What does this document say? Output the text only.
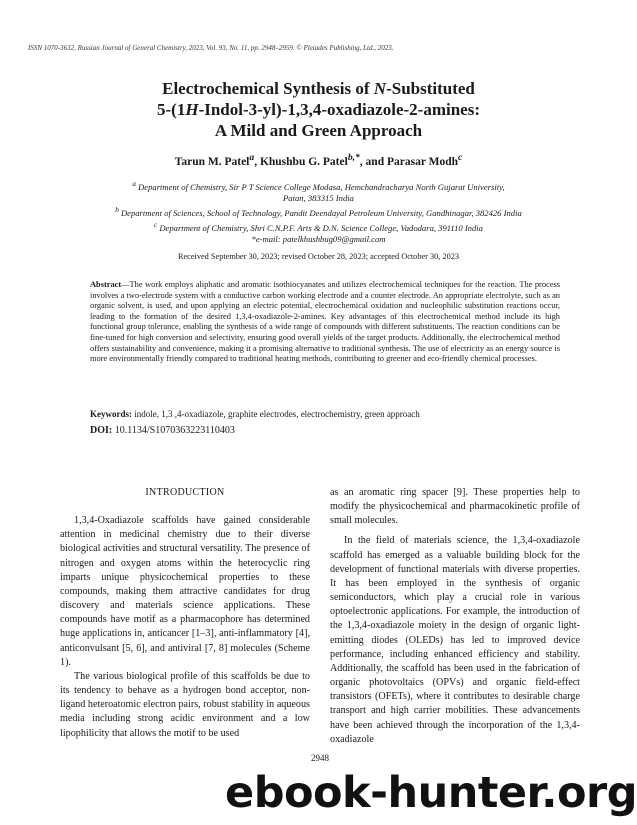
ISSN 1070-3632, Russian Journal of General Chemistry, 2023, Vol. 93, No. 11, pp. 2948–2959. © Pleiades Publishing, Ltd., 2023.
Electrochemical Synthesis of N-Substituted
5-(1H-Indol-3-yl)-1,3,4-oxadiazole-2-amines:
A Mild and Green Approach
Tarun M. Patel$^a$, Khushbu G. Patel$^{b,*}$, and Parasar Modh$^c$
$^a$ Department of Chemistry, Sir P T Science College Modasa, Hemchandracharya North Gujarat University,
Patan, 383315 India
$^b$ Department of Sciences, School of Technology, Pandit Deendayal Petroleum University, Gandhinagar, 382426 India
$^c$ Department of Chemistry, Shri C.N.P.F. Arts & D.N. Science College, Vadodara, 391110 India
*e-mail: patelkhushbug09@gmail.com
Received September 30, 2023; revised October 28, 2023; accepted October 30, 2023
Abstract—The work employs aliphatic and aromatic isothiocyanates and utilizes electrochemical techniques for the reaction. The process involves a two-electrode system with a conductive carbon working electrode and a counter electrode. An appropriate electrolyte, such as an organic solvent, is used, and upon applying an electric potential, electrochemical oxidation and nucleophilic substitution reactions occur, leading to the formation of the desired 1,3,4-oxadiazole-2-amines. Key advantages of this electrochemical method include its high functional group tolerance, enabling the synthesis of a wide range of compounds with different substituents. The reaction conditions can be fine-tuned for high conversion and selectivity, ensuring good overall yields of the target products. Additionally, the electrochemical method offers sustainability and convenience, making it a promising alternative to traditional synthesis. The use of electricity as an energy source is more environmentally friendly compared to traditional heating methods, contributing to greener and eco-friendly chemical processes.
Keywords: indole, 1,3 ,4-oxadiazole, graphite electrodes, electrochemistry, green approach
DOI: 10.1134/S1070363223110403
INTRODUCTION

1,3,4-Oxadiazole scaffolds have gained considerable attention in medicinal chemistry due to their diverse biological activities and structural versatility. The presence of nitrogen and oxygen atoms within the heterocyclic ring imparts unique physicochemical properties to these compounds, making them attractive candidates for drug discovery and materials science applications. These compounds have motif as a pharmacophore has determined huge applications in, anticancer [1–3], anti-inflammatory [4], anticonvulsant [5, 6], and antiviral [7, 8] molecules (Scheme 1).

The various biological profile of this scaffolds be due to its tendency to behave as a hydrogen bond acceptor, non-ligand heteroatomic electron pairs, robust stability in aqueous media including strong acidic environment and a low lipophilicity that allows the motif to be used

as an aromatic ring spacer [9]. These properties help to modify the physicochemical and pharmacokinetic profile of small molecules.

In the field of materials science, the 1,3,4-oxadiazole scaffold has emerged as a valuable building block for the development of functional materials with diverse properties. It has been employed in the synthesis of organic semiconductors, which play a crucial role in various optoelectronic applications. For example, the introduction of the 1,3,4-oxadiazole moiety in the design of organic light-emitting diodes (OLEDs) has led to improved device performance, including enhanced efficiency and stability. Additionally, the scaffold has been used in the fabrication of organic photovoltaics (OPVs) and organic field-effect transistors (OFETs), where it contributes to desirable charge transport and high carrier mobilities. These advancements have been achieved through the incorporation of the 1,3,4-oxadiazole

2948
ebook-hunter.org
